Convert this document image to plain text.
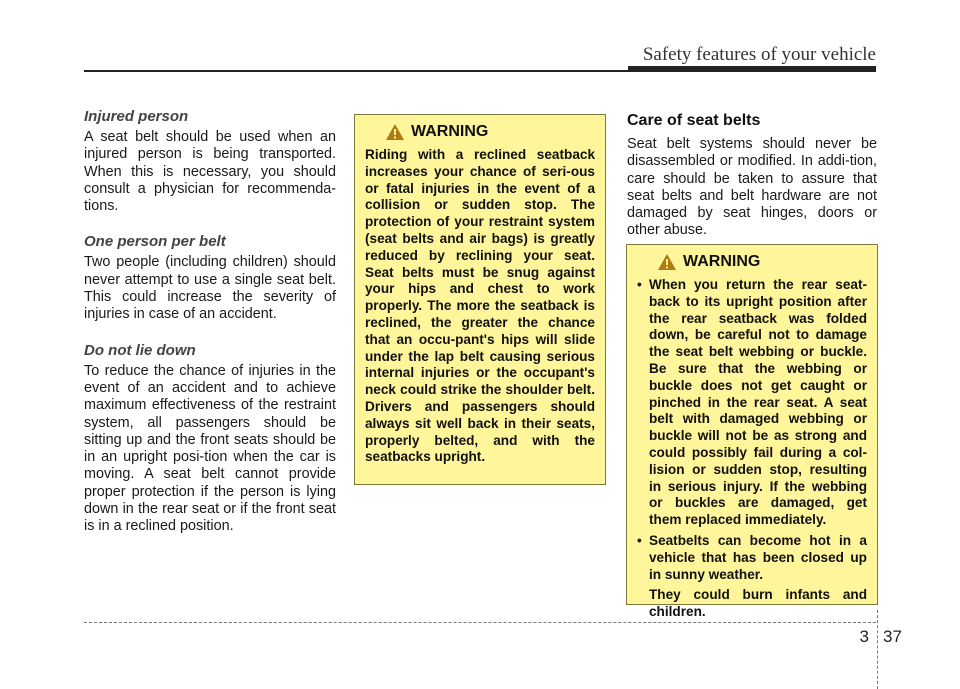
Safety features of your vehicle

Injured person

A seat belt should be used when an injured person is being transported. When this is necessary, you should consult a physician for recommenda-tions.

One person per belt

Two people (including children) should never attempt to use a single seat belt. This could increase the severity of injuries in case of an accident.

Do not lie down

To reduce the chance of injuries in the event of an accident and to achieve maximum effectiveness of the restraint system, all passengers should be sitting up and the front seats should be in an upright posi-tion when the car is moving. A seat belt cannot provide proper protection if the person is lying down in the rear seat or if the front seat is in a reclined position.

WARNING

Riding with a reclined seatback increases your chance of seri-ous or fatal injuries in the event of a collision or sudden stop. The protection of your restraint system (seat belts and air bags) is greatly reduced by reclining your seat. Seat belts must be snug against your hips and chest to work properly. The more the seatback is reclined, the greater the chance that an occu-pant's hips will slide under the lap belt causing serious internal injuries or the occupant's neck could strike the shoulder belt. Drivers and passengers should always sit well back in their seats, properly belted, and with the seatbacks upright.

Care of seat belts

Seat belt systems should never be disassembled or modified. In addi-tion, care should be taken to assure that seat belts and belt hardware are not damaged by seat hinges, doors or other abuse.

WARNING
• When you return the rear seat-back to its upright position after the rear seatback was folded down, be careful not to damage the seat belt webbing or buckle. Be sure that the webbing or buckle does not get caught or pinched in the rear seat. A seat belt with damaged webbing or buckle will not be as strong and could possibly fail during a col-lision or sudden stop, resulting in serious injury. If the webbing or buckles are damaged, get them replaced immediately.

• Seatbelts can become hot in a vehicle that has been closed up in sunny weather.

They could burn infants and children.

3 37
